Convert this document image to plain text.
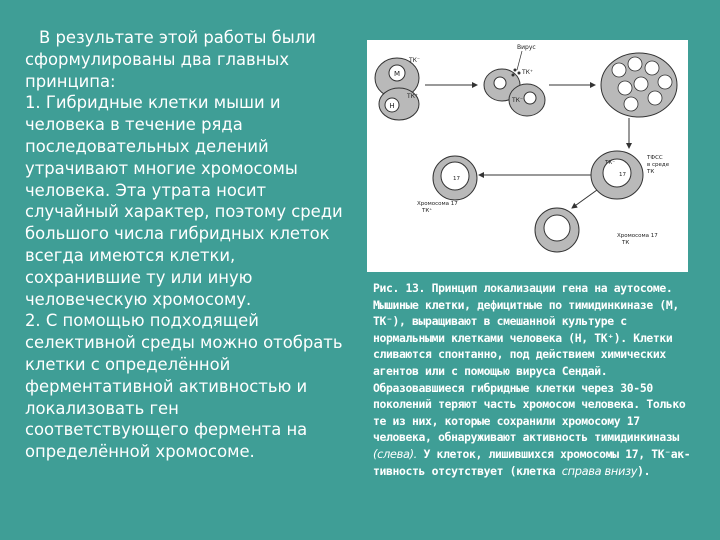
В результате этой работы были сформулированы два главных принципа:

1. Гибридные клетки мыши и человека в течение ряда последовательных делений утрачивают многие хромосомы человека. Эта утрата носит случайный характер, поэтому среди большого числа гибридных клеток всегда имеются клетки, сохранившие ту или иную человеческую хромосому.

2. С помощью подходящей селективной среды можно отобрать клетки с определённой ферментативной активностью и локализовать ген соответствующего фермента на определённой хромосоме.

М
ТК⁻
Н
ТК⁺
Вирус
ТК⁻
ТК⁺
ТК⁻
17
ТФСС
в среде
ТК
17
Хромосома 17
ТК⁺
Хромосома 17
ТК

Рис. 13. Принцип локализации гена на аутосоме. Мышиные клетки, дефицитные по тимидинкиназе (М, ТК⁻), выращивают в смешанной культуре с нормальными клетками человека (Н, ТК⁺). Клетки сливаются спонтанно, под действием химических агентов или с помощью вируса Сендай. Образовавшиеся гибридные клетки через 30-50 поколений теряют часть хромосом человека. Только те из них, которые сохранили хромосому 17 человека, обнаруживают активность тимидинкиназы (слева). У клеток, лишившихся хромосомы 17, ТК⁻активность отсутствует (клетка справа внизу).
